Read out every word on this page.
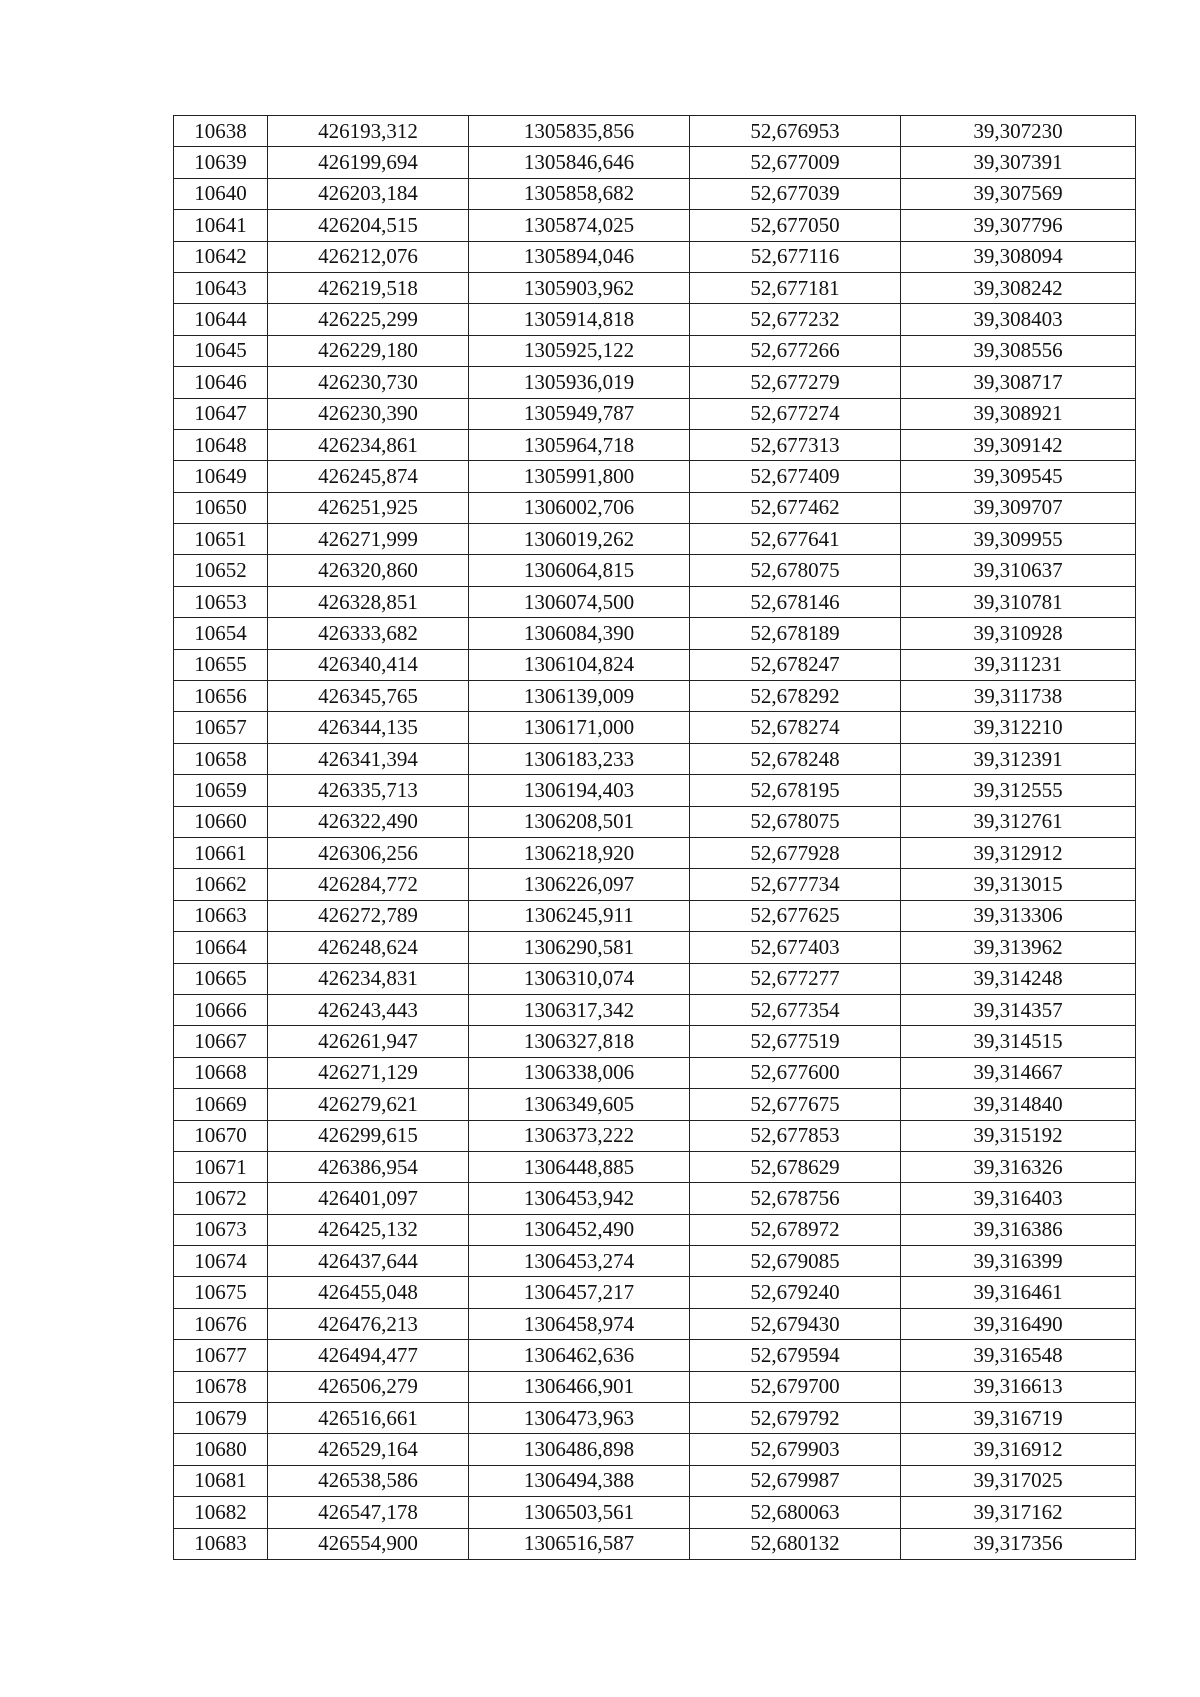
10638	426193,312	1305835,856	52,676953	39,307230
10639	426199,694	1305846,646	52,677009	39,307391
10640	426203,184	1305858,682	52,677039	39,307569
10641	426204,515	1305874,025	52,677050	39,307796
10642	426212,076	1305894,046	52,677116	39,308094
10643	426219,518	1305903,962	52,677181	39,308242
10644	426225,299	1305914,818	52,677232	39,308403
10645	426229,180	1305925,122	52,677266	39,308556
10646	426230,730	1305936,019	52,677279	39,308717
10647	426230,390	1305949,787	52,677274	39,308921
10648	426234,861	1305964,718	52,677313	39,309142
10649	426245,874	1305991,800	52,677409	39,309545
10650	426251,925	1306002,706	52,677462	39,309707
10651	426271,999	1306019,262	52,677641	39,309955
10652	426320,860	1306064,815	52,678075	39,310637
10653	426328,851	1306074,500	52,678146	39,310781
10654	426333,682	1306084,390	52,678189	39,310928
10655	426340,414	1306104,824	52,678247	39,311231
10656	426345,765	1306139,009	52,678292	39,311738
10657	426344,135	1306171,000	52,678274	39,312210
10658	426341,394	1306183,233	52,678248	39,312391
10659	426335,713	1306194,403	52,678195	39,312555
10660	426322,490	1306208,501	52,678075	39,312761
10661	426306,256	1306218,920	52,677928	39,312912
10662	426284,772	1306226,097	52,677734	39,313015
10663	426272,789	1306245,911	52,677625	39,313306
10664	426248,624	1306290,581	52,677403	39,313962
10665	426234,831	1306310,074	52,677277	39,314248
10666	426243,443	1306317,342	52,677354	39,314357
10667	426261,947	1306327,818	52,677519	39,314515
10668	426271,129	1306338,006	52,677600	39,314667
10669	426279,621	1306349,605	52,677675	39,314840
10670	426299,615	1306373,222	52,677853	39,315192
10671	426386,954	1306448,885	52,678629	39,316326
10672	426401,097	1306453,942	52,678756	39,316403
10673	426425,132	1306452,490	52,678972	39,316386
10674	426437,644	1306453,274	52,679085	39,316399
10675	426455,048	1306457,217	52,679240	39,316461
10676	426476,213	1306458,974	52,679430	39,316490
10677	426494,477	1306462,636	52,679594	39,316548
10678	426506,279	1306466,901	52,679700	39,316613
10679	426516,661	1306473,963	52,679792	39,316719
10680	426529,164	1306486,898	52,679903	39,316912
10681	426538,586	1306494,388	52,679987	39,317025
10682	426547,178	1306503,561	52,680063	39,317162
10683	426554,900	1306516,587	52,680132	39,317356
